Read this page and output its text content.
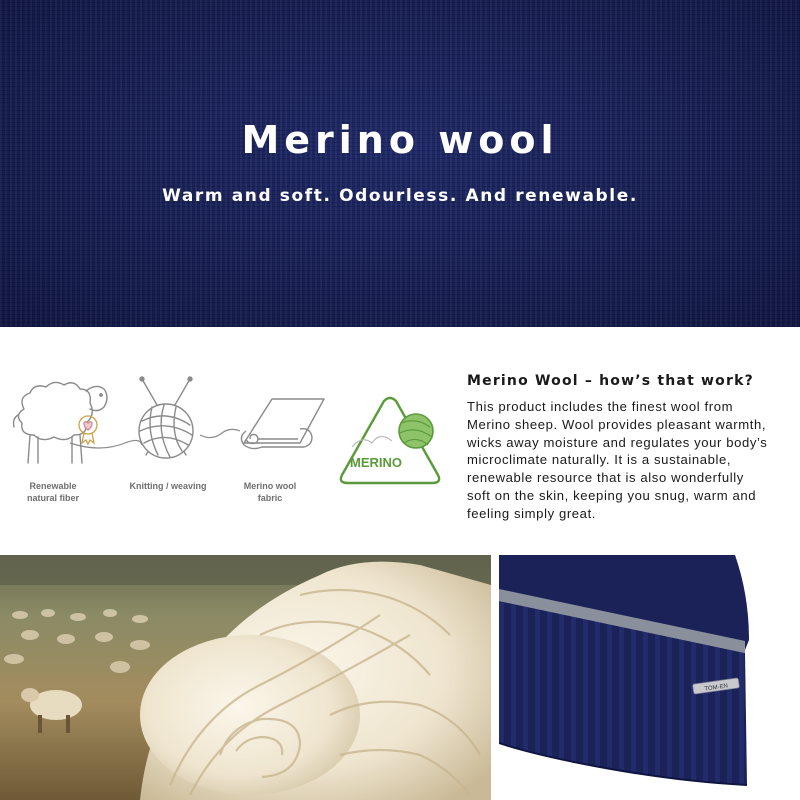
Merino wool
Warm and soft. Odourless. And renewable.
MERINO
Renewable
natural fiber
Knitting / weaving	Merino wool
fabric
Merino Wool – how’s that work?
This product includes the finest wool from
Merino sheep. Wool provides pleasant warmth,
wicks away moisture and regulates your body’s
microclimate naturally. It is a sustainable,
renewable resource that is also wonderfully
soft on the skin, keeping you snug, warm and
feeling simply great.
TOM-EN
